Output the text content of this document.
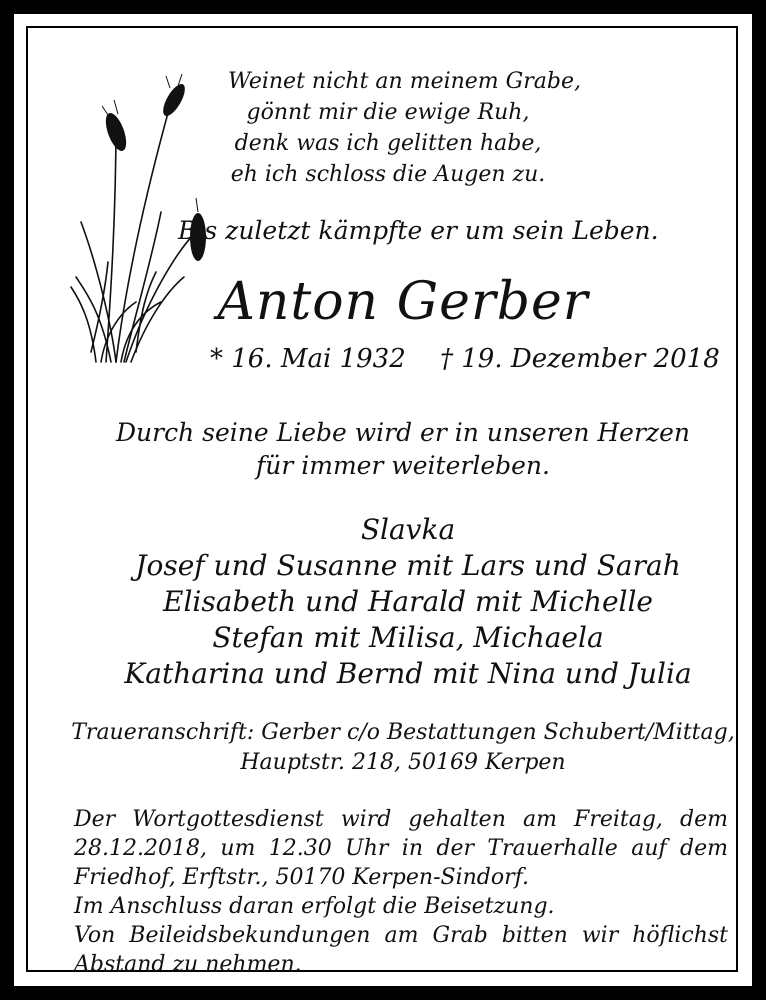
Weinet nicht an meinem Grabe,
gönnt mir die ewige Ruh,
denk was ich gelitten habe,
eh ich schloss die Augen zu.
Bis zuletzt kämpfte er um sein Leben.
Anton Gerber
* 16. Mai 1932 † 19. Dezember 2018
Durch seine Liebe wird er in unseren Herzen
für immer weiterleben.
Slavka
Josef und Susanne mit Lars und Sarah
Elisabeth und Harald mit Michelle
Stefan mit Milisa, Michaela
Katharina und Bernd mit Nina und Julia
Traueranschrift: Gerber c/o Bestattungen Schubert/Mittag,
Hauptstr. 218, 50169 Kerpen
Der Wortgottesdienst wird gehalten am Freitag, dem
28.12.2018, um 12.30 Uhr in der Trauerhalle auf dem
Friedhof, Erftstr., 50170 Kerpen-Sindorf.
Im Anschluss daran erfolgt die Beisetzung.
Von Beileidsbekundungen am Grab bitten wir höflichst
Abstand zu nehmen.
